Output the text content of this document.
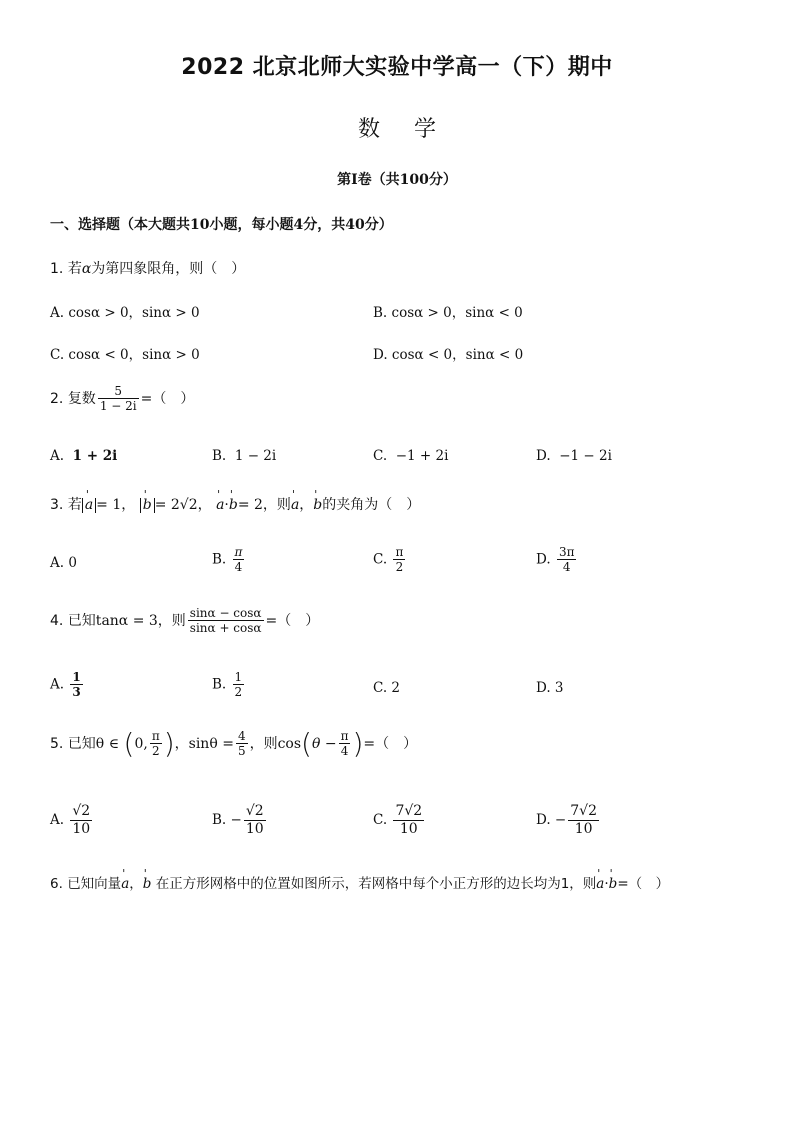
2022 北京北师大实验中学高一（下）期中
数学
第Ⅰ卷（共100分）
一、选择题（本大题共10小题，每小题4分，共40分）
1. 若α为第四象限角，则（　）
A. cosα > 0，sinα > 0	B. cosα > 0，sinα < 0
C. cosα < 0，sinα > 0	D. cosα < 0，sinα < 0
2. 复数 $\frac{5}{1 - 2i}$ =（　）
A. 1 + 2i	B. 1 − 2i	C. −1 + 2i	D. −1 − 2i
3. 若 ' a = 1， ' b = 2√2， ' a·' b= 2，则' a，' b的夹角为（　）
A. 0	B. $\frac{\pi}{4}$	C. $\frac{\pi}{2}$	D. $\frac{3\pi}{4}$
4. 已知tanα = 3，则 $\frac{\sin\alpha - \cos\alpha}{\sin\alpha + \cos\alpha}$ =（　）
A. $\frac{1}{3}$	B. $\frac{1}{2}$	C. 2	D. 3
5. 已知θ ∈ (0, $\frac{\pi}{2}$ )，$\sin\theta = \frac{4}{5}$ ，则$\cos(\theta - \frac{\pi}{4}$ )=（　）
A. $\frac{√2}{10}$	B. − $\frac{√2}{10}$	C. $\frac{7√2}{10}$	D. − $\frac{7√2}{10}$
6. 已知向量' a，' b 在正方形网格中的位置如图所示，若网格中每个小正方形的边长均为1，则' a·' b=（　）
